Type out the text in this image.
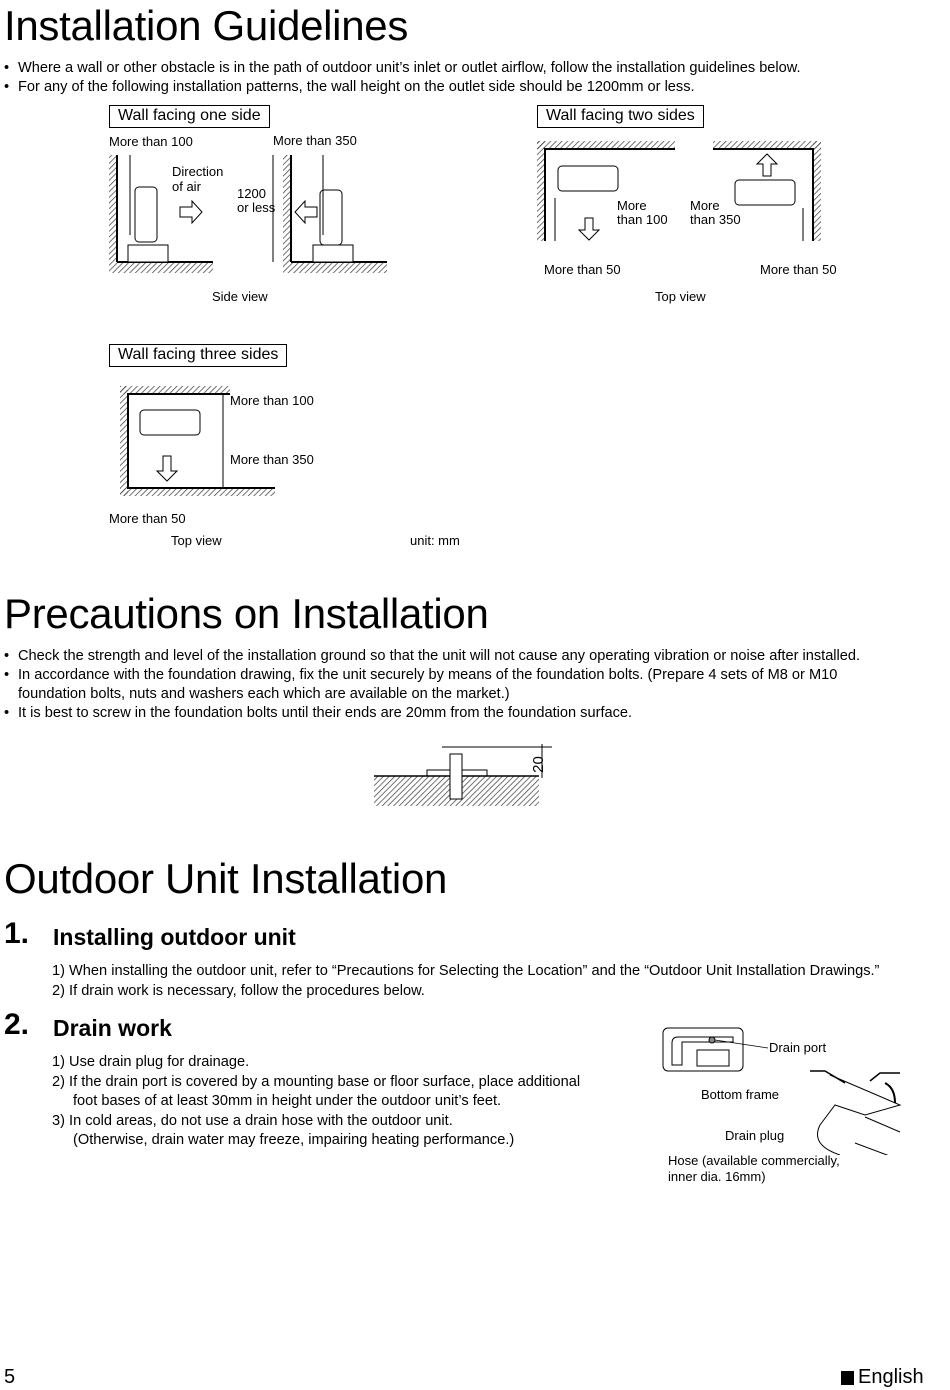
Installation Guidelines
• Where a wall or other obstacle is in the path of outdoor unit’s inlet or outlet airflow, follow the installation guidelines below.
• For any of the following installation patterns, the wall height on the outlet side should be 1200mm or less.
Wall facing one side
More than 100	More than 350
Direction
of air	1200
or less
Side view
Wall facing two sides
More
than 100
More
than 350
More than 50	More than 50
Top view
Wall facing three sides
More than 100
More than 350
More than 50
Top view	unit: mm
Precautions on Installation
• Check the strength and level of the installation ground so that the unit will not cause any operating vibration or noise after installed.
• In accordance with the foundation drawing, fix the unit securely by means of the foundation bolts. (Prepare 4 sets of M8 or M10 foundation bolts, nuts and washers each which are available on the market.)
• It is best to screw in the foundation bolts until their ends are 20mm from the foundation surface.
20
Outdoor Unit Installation
1. Installing outdoor unit
1) When installing the outdoor unit, refer to “Precautions for Selecting the Location” and the “Outdoor Unit Installation Drawings.”
2) If drain work is necessary, follow the procedures below.
2. Drain work
1) Use drain plug for drainage.
2) If the drain port is covered by a mounting base or floor surface, place additional
foot bases of at least 30mm in height under the outdoor unit’s feet.
3) In cold areas, do not use a drain hose with the outdoor unit.
(Otherwise, drain water may freeze, impairing heating performance.)
Drain port
Bottom frame
Drain plug
Hose (available commercially,
inner dia. 16mm)
5	English
